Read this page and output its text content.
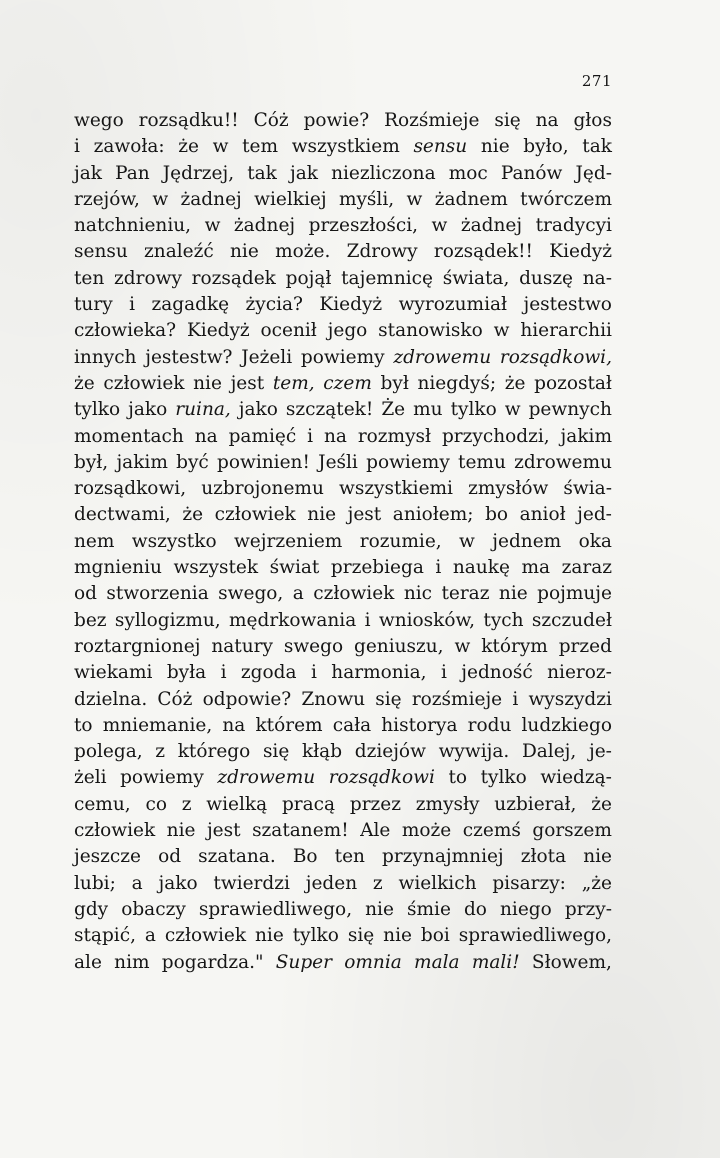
271
wego rozsądku!! Cóż powie? Rozśmieje się na głos
i zawoła: że w tem wszystkiem sensu nie było, tak
jak Pan Jędrzej, tak jak niezliczona moc Panów Jęd-
rzejów, w żadnej wielkiej myśli, w żadnem twórczem
natchnieniu, w żadnej przeszłości, w żadnej tradycyi
sensu znaleźć nie może. Zdrowy rozsądek!! Kiedyż
ten zdrowy rozsądek pojął tajemnicę świata, duszę na-
tury i zagadkę życia? Kiedyż wyrozumiał jestestwo
człowieka? Kiedyż ocenił jego stanowisko w hierarchii
innych jestestw? Jeżeli powiemy zdrowemu rozsądkowi,
że człowiek nie jest tem, czem był niegdyś; że pozostał
tylko jako ruina, jako szczątek! Że mu tylko w pewnych
momentach na pamięć i na rozmysł przychodzi, jakim
był, jakim być powinien! Jeśli powiemy temu zdrowemu
rozsądkowi, uzbrojonemu wszystkiemi zmysłów świa-
dectwami, że człowiek nie jest aniołem; bo anioł jed-
nem wszystko wejrzeniem rozumie, w jednem oka
mgnieniu wszystek świat przebiega i naukę ma zaraz
od stworzenia swego, a człowiek nic teraz nie pojmuje
bez syllogizmu, mędrkowania i wniosków, tych szczudeł
roztargnionej natury swego geniuszu, w którym przed
wiekami była i zgoda i harmonia, i jedność nieroz-
dzielna. Cóż odpowie? Znowu się rozśmieje i wyszydzi
to mniemanie, na którem cała historya rodu ludzkiego
polega, z którego się kłąb dziejów wywija. Dalej, je-
żeli powiemy zdrowemu rozsądkowi to tylko wiedzą-
cemu, co z wielką pracą przez zmysły uzbierał, że
człowiek nie jest szatanem! Ale może czemś gorszem
jeszcze od szatana. Bo ten przynajmniej złota nie
lubi; a jako twierdzi jeden z wielkich pisarzy: „że
gdy obaczy sprawiedliwego, nie śmie do niego przy-
stąpić, a człowiek nie tylko się nie boi sprawiedliwego,
ale nim pogardza." Super omnia mala mali! Słowem,
